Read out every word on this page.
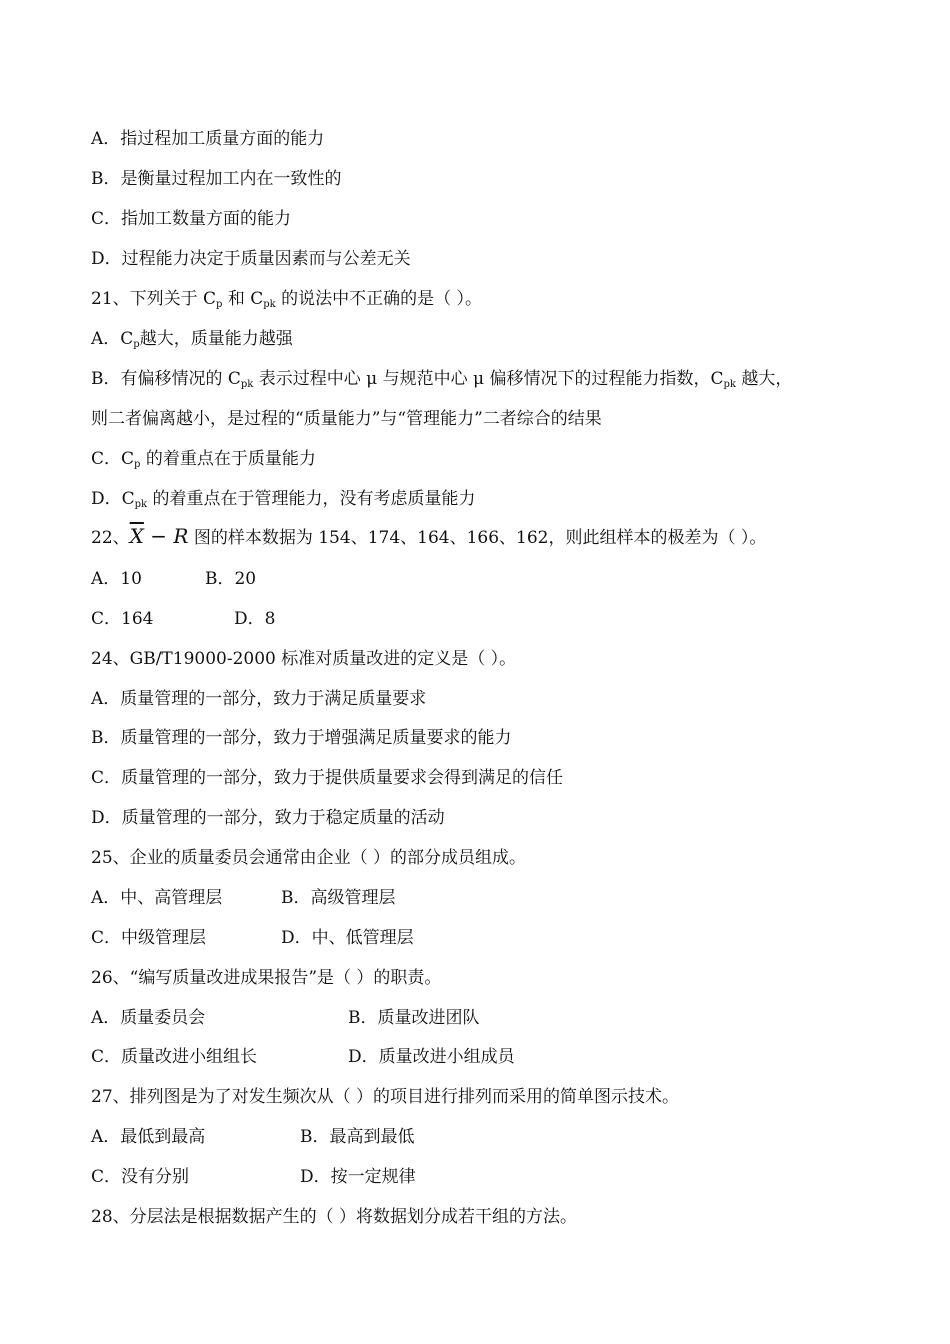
A．指过程加工质量方面的能力
B．是衡量过程加工内在一致性的
C．指加工数量方面的能力
D．过程能力决定于质量因素而与公差无关
21、下列关于 $C_p$ 和 $C_{pk}$ 的说法中不正确的是（ ）。
A．$C_p$越大，质量能力越强
B．有偏移情况的 $C_{pk}$ 表示过程中心 μ 与规范中心 μ 偏移情况下的过程能力指数，$C_{pk}$ 越大，
则二者偏离越小，是过程的“质量能力”与“管理能力”二者综合的结果
C．$C_p$ 的着重点在于质量能力
D．$C_{pk}$ 的着重点在于管理能力，没有考虑质量能力
22、$\overline{X} - R$ 图的样本数据为 154、174、164、166、162，则此组样本的极差为（ ）。
A．10	B．20
C．164	D．8
24、GB/T19000-2000 标准对质量改进的定义是（ ）。
A．质量管理的一部分，致力于满足质量要求
B．质量管理的一部分，致力于增强满足质量要求的能力
C．质量管理的一部分，致力于提供质量要求会得到满足的信任
D．质量管理的一部分，致力于稳定质量的活动
25、企业的质量委员会通常由企业（ ）的部分成员组成。
A．中、高管理层	B．高级管理层
C．中级管理层	D．中、低管理层
26、“编写质量改进成果报告”是（ ）的职责。
A．质量委员会	B．质量改进团队
C．质量改进小组组长	D．质量改进小组成员
27、排列图是为了对发生频次从（ ）的项目进行排列而采用的简单图示技术。
A．最低到最高	B．最高到最低
C．没有分别	D．按一定规律
28、分层法是根据数据产生的（ ）将数据划分成若干组的方法。
